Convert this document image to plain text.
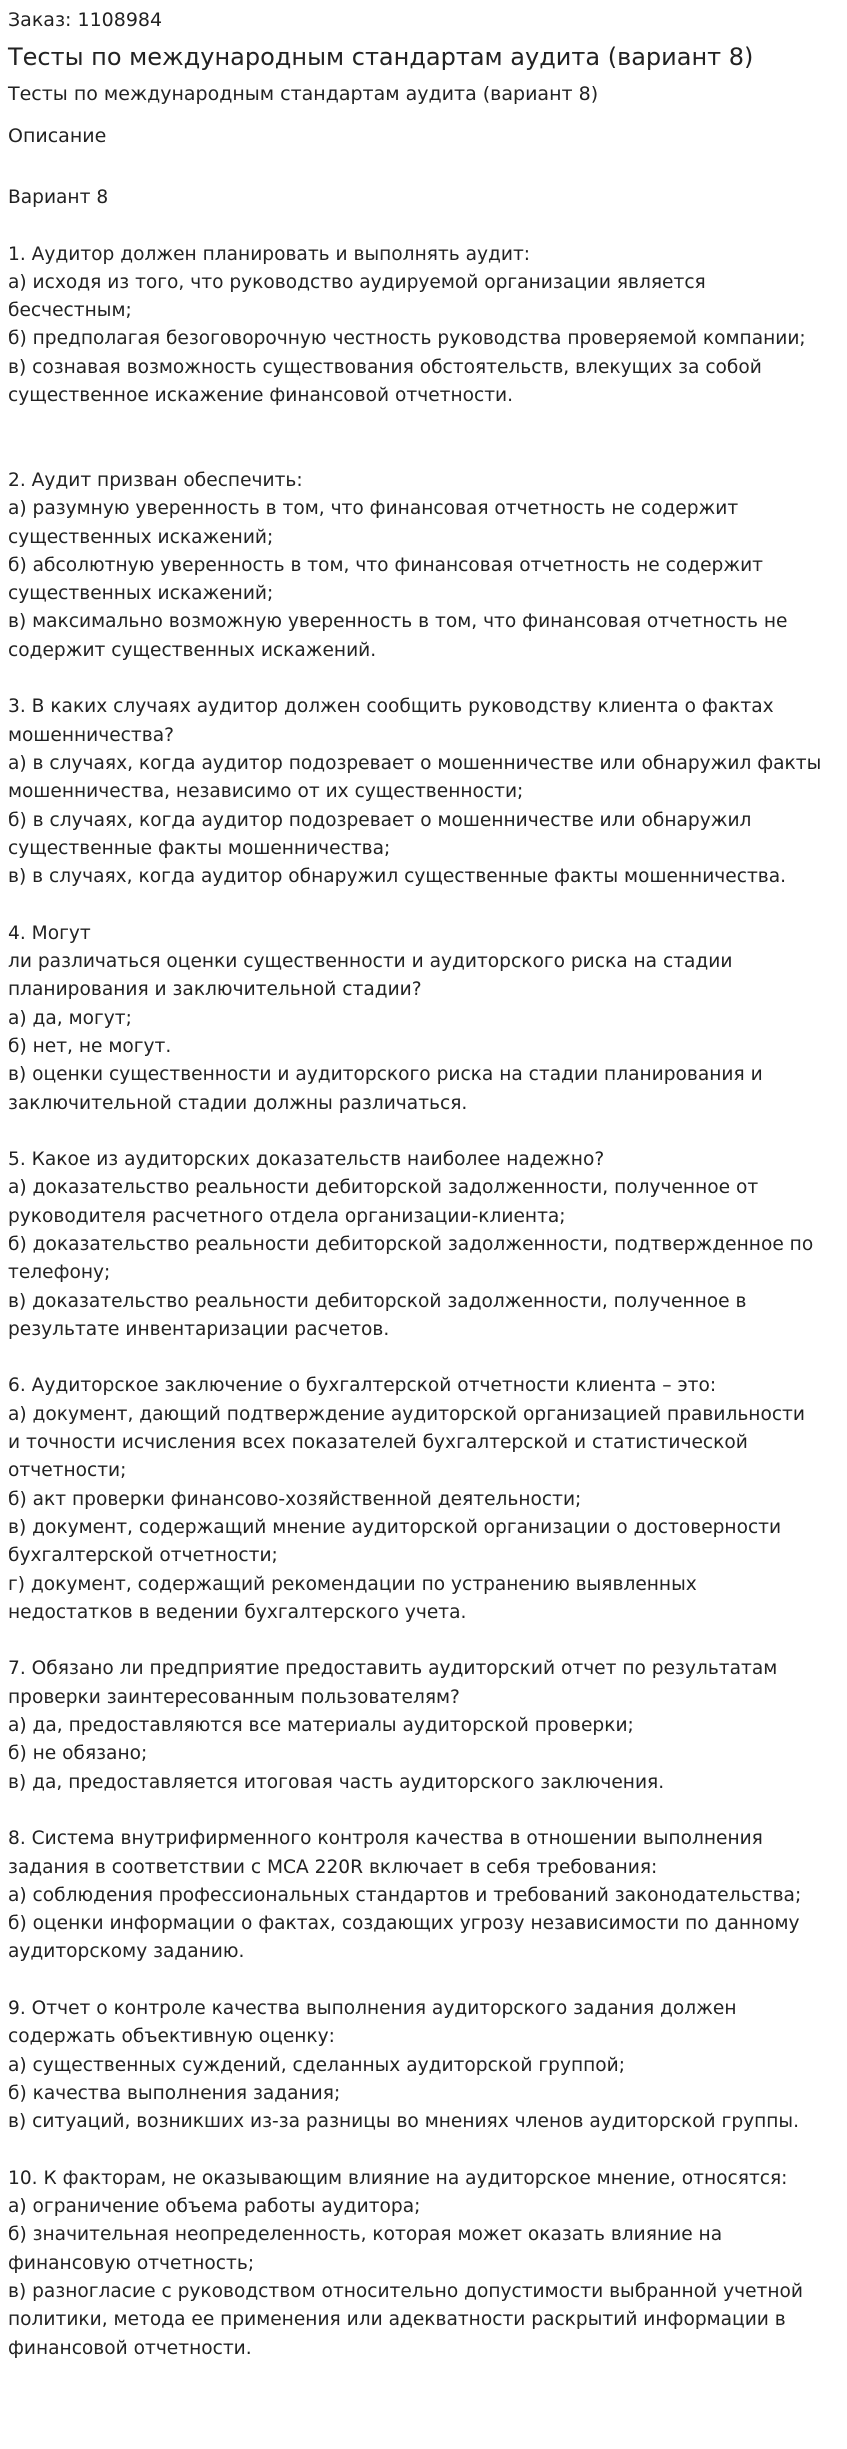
Заказ: 1108984
Тесты по международным стандартам аудита (вариант 8)
Тесты по международным стандартам аудита (вариант 8)
Описание
Вариант 8
1. Аудитор должен планировать и выполнять аудит:
а) исходя из того, что руководство аудируемой организации является
бесчестным;
б) предполагая безоговорочную честность руководства проверяемой компании;
в) сознавая возможность существования обстоятельств, влекущих за собой
существенное искажение финансовой отчетности.
2. Аудит призван обеспечить:
а) разумную уверенность в том, что финансовая отчетность не содержит
существенных искажений;
б) абсолютную уверенность в том, что финансовая отчетность не содержит
существенных искажений;
в) максимально возможную уверенность в том, что финансовая отчетность не
содержит существенных искажений.
3. В каких случаях аудитор должен сообщить руководству клиента о фактах
мошенничества?
а) в случаях, когда аудитор подозревает о мошенничестве или обнаружил факты
мошенничества, независимо от их существенности;
б) в случаях, когда аудитор подозревает о мошенничестве или обнаружил
существенные факты мошенничества;
в) в случаях, когда аудитор обнаружил существенные факты мошенничества.
4. Могут
ли различаться оценки существенности и аудиторского риска на стадии
планирования и заключительной стадии?
а) да, могут;
б) нет, не могут.
в) оценки существенности и аудиторского риска на стадии планирования и
заключительной стадии должны различаться.
5. Какое из аудиторских доказательств наиболее надежно?
а) доказательство реальности дебиторской задолженности, полученное от
руководителя расчетного отдела организации-клиента;
б) доказательство реальности дебиторской задолженности, подтвержденное по
телефону;
в) доказательство реальности дебиторской задолженности, полученное в
результате инвентаризации расчетов.
6. Аудиторское заключение о бухгалтерской отчетности клиента – это:
а) документ, дающий подтверждение аудиторской организацией правильности
и точности исчисления всех показателей бухгалтерской и статистической
отчетности;
б) акт проверки финансово-хозяйственной деятельности;
в) документ, содержащий мнение аудиторской организации о достоверности
бухгалтерской отчетности;
г) документ, содержащий рекомендации по устранению выявленных
недостатков в ведении бухгалтерского учета.
7. Обязано ли предприятие предоставить аудиторский отчет по результатам
проверки заинтересованным пользователям?
а) да, предоставляются все материалы аудиторской проверки;
б) не обязано;
в) да, предоставляется итоговая часть аудиторского заключения.
8. Система внутрифирменного контроля качества в отношении выполнения
задания в соответствии с МСА 220R включает в себя требования:
а) соблюдения профессиональных стандартов и требований законодательства;
б) оценки информации о фактах, создающих угрозу независимости по данному
аудиторскому заданию.
9. Отчет о контроле качества выполнения аудиторского задания должен
содержать объективную оценку:
а) существенных суждений, сделанных аудиторской группой;
б) качества выполнения задания;
в) ситуаций, возникших из-за разницы во мнениях членов аудиторской группы.
10. К факторам, не оказывающим влияние на аудиторское мнение, относятся:
а) ограничение объема работы аудитора;
б) значительная неопределенность, которая может оказать влияние на
финансовую отчетность;
в) разногласие с руководством относительно допустимости выбранной учетной
политики, метода ее применения или адекватности раскрытий информации в
финансовой отчетности.
